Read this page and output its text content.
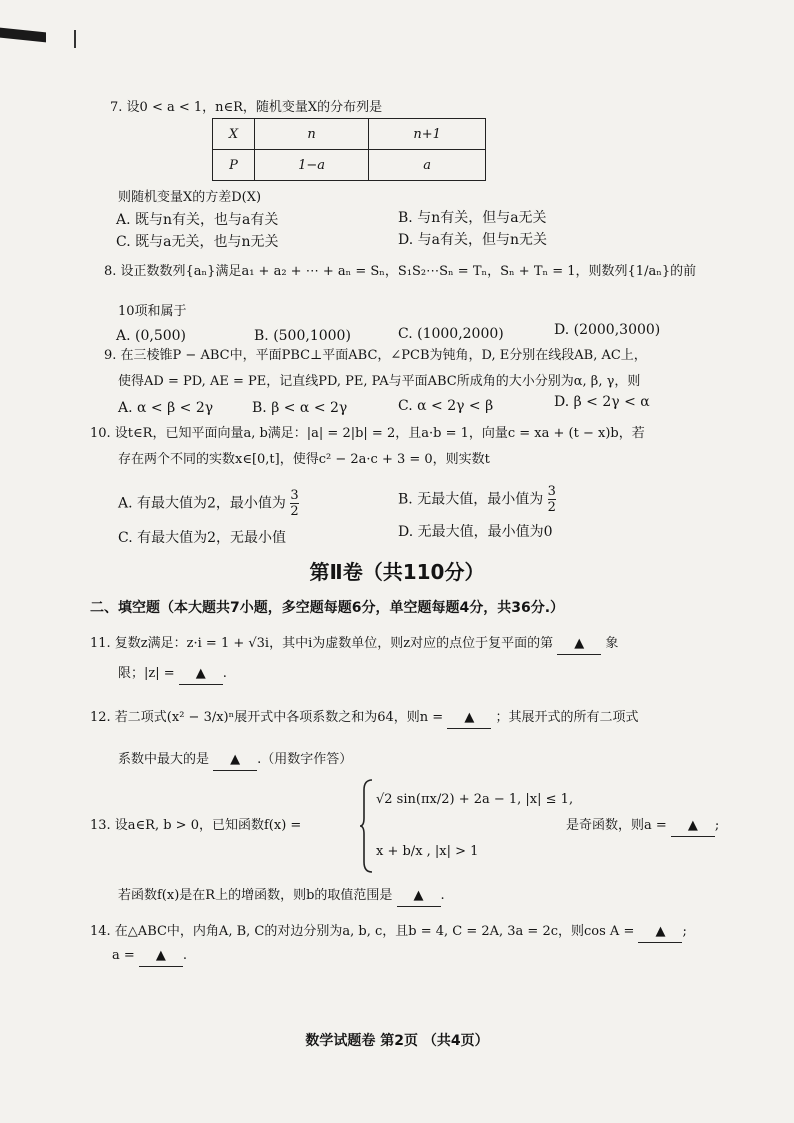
7. 设0 < a < 1，n∈R，随机变量X的分布列是
X	n	n+1
P	1−a	a
则随机变量X的方差D(X)
A. 既与n有关，也与a有关	B. 与n有关，但与a无关
C. 既与a无关，也与n无关	D. 与a有关，但与n无关
8. 设正数数列{aₙ}满足a₁ + a₂ + ⋯ + aₙ = Sₙ，S₁S₂⋯Sₙ = Tₙ，Sₙ + Tₙ = 1，则数列{1/aₙ}的前
10项和属于
A. (0,500)	B. (500,1000)	C. (1000,2000)	D. (2000,3000)
9. 在三棱锥P − ABC中，平面PBC⊥平面ABC，∠PCB为钝角，D, E分别在线段AB, AC上，
使得AD = PD, AE = PE，记直线PD, PE, PA与平面ABC所成角的大小分别为α, β, γ，则
A. α < β < 2γ	B. β < α < 2γ	C. α < 2γ < β	D. β < 2γ < α
10. 设t∈R，已知平面向量a, b满足：|a| = 2|b| = 2，且a·b = 1，向量c = xa + (t − x)b，若
存在两个不同的实数x∈[0,t]，使得c² − 2a·c + 3 = 0，则实数t
A. 有最大值为2，最小值为 $\frac{3}{2}$	B. 无最大值，最小值为 $\frac{3}{2}$
C. 有最大值为2，无最小值	D. 无最大值，最小值为0
第Ⅱ卷（共110分）
二、填空题（本大题共7小题，多空题每题6分，单空题每题4分，共36分.）
11. 复数z满足：z·i = 1 + √3i，其中i为虚数单位，则z对应的点位于复平面的第 ▲ 象
限；|z| = ▲ .
12. 若二项式(x² − 3/x)ⁿ展开式中各项系数之和为64，则n = ▲ ；其展开式的所有二项式
系数中最大的是 ▲ .（用数字作答）
13. 设a∈R, b > 0，已知函数f(x) =
√2 sin(πx/2) + 2a − 1, |x| ≤ 1,
x + b/x , |x| > 1
是奇函数，则a = ▲ ;
若函数f(x)是在R上的增函数，则b的取值范围是 ▲ .
14. 在△ABC中，内角A, B, C的对边分别为a, b, c，且b = 4, C = 2A, 3a = 2c，则cos A = ▲ ;
a = ▲ .
数学试题卷 第2页 （共4页）
